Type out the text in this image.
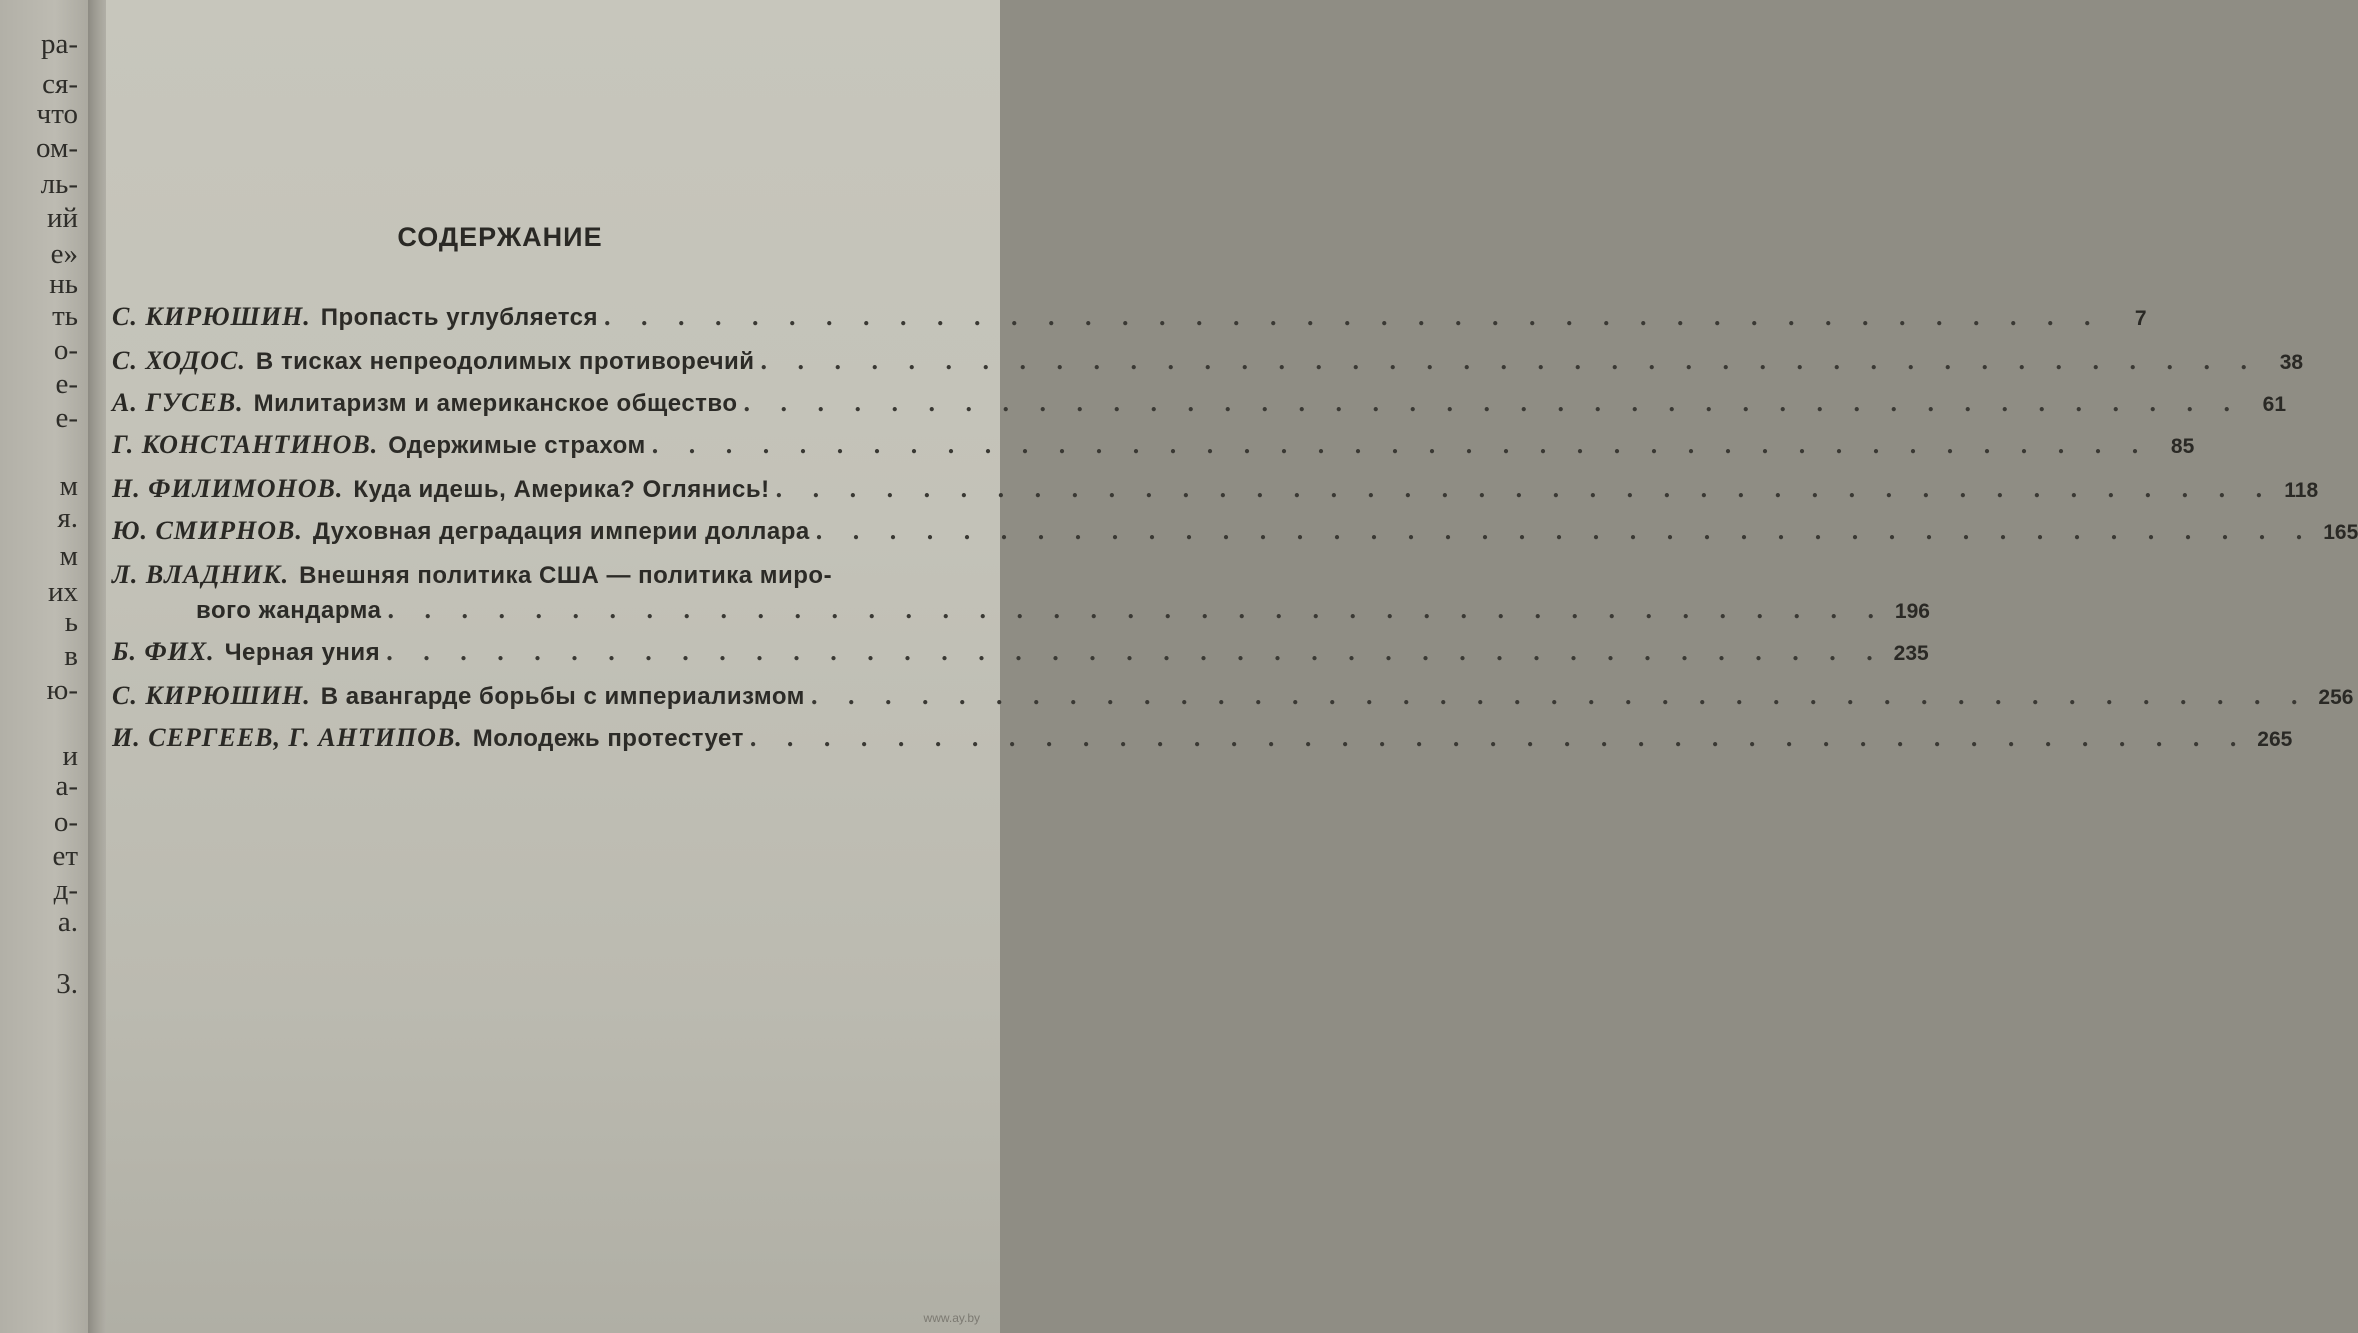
ра-
ся-
что
ом-
ль-
ий
е»
нь
ть
о-
е-
е-
м
я.
м
их
ь
в
ю-
и
а-
о-
ет
д-
а.
3.
СОДЕРЖАНИЕ
С. КИРЮШИН. Пропасть углубляется . . . . . . . . . . . . . . . . . . . . . . . . . . . . . . . . . . . . . . . . .	7
С. ХОДОС. В тисках непреодолимых противоречий . . . . . . . . . . . . . . . . . . . . . . . . . . . . . . . . . . . . . . . . . 38
А. ГУСЕВ. Милитаризм и американское общество . . . . . . . . . . . . . . . . . . . . . . . . . . . . . . . . . . . . . . . . . 61
Г. КОНСТАНТИНОВ. Одержимые страхом . . . . . . . . . . . . . . . . . . . . . . . . . . . . . . . . . . . . . . . . . 85
Н. ФИЛИМОНОВ. Куда идешь, Америка? Оглянись! . . . . . . . . . . . . . . . . . . . . . . . . . . . . . . . . . . . . . . . . . 118
Ю. СМИРНОВ. Духовная деградация империи доллара . . . . . . . . . . . . . . . . . . . . . . . . . . . . . . . . . . . . . . . . . 165
Л. ВЛАДНИК. Внешняя политика США — политика миро-
вого жандарма . . . . . . . . . . . . . . . . . . . . . . . . . . . . . . . . . . . . . . . . . 196
Б. ФИХ. Черная уния . . . . . . . . . . . . . . . . . . . . . . . . . . . . . . . . . . . . . . . . . 235
С. КИРЮШИН. В авангарде борьбы с империализмом . . . . . . . . . . . . . . . . . . . . . . . . . . . . . . . . . . . . . . . . . 256
И. СЕРГЕЕВ, Г. АНТИПОВ. Молодежь протестует . . . . . . . . . . . . . . . . . . . . . . . . . . . . . . . . . . . . . . . . . 265
www.ay.by
